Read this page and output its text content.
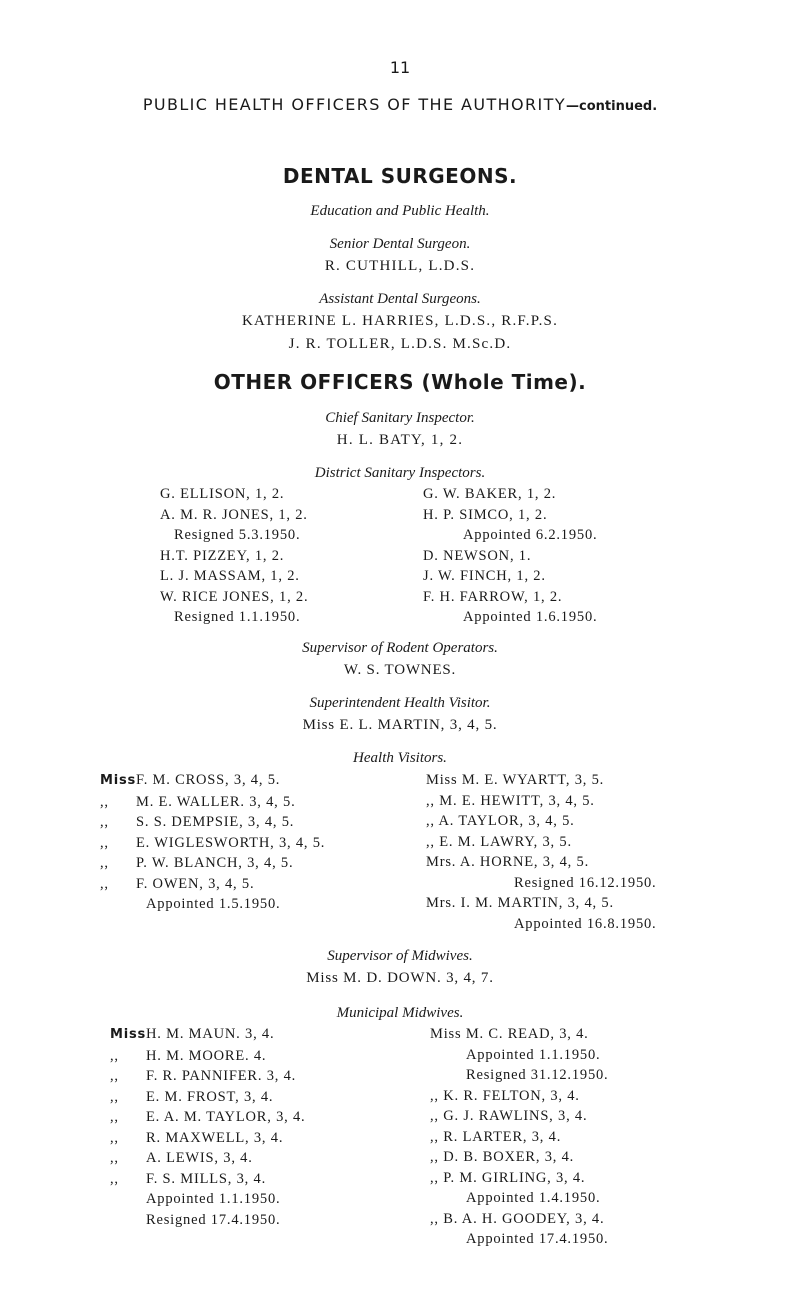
11
PUBLIC HEALTH OFFICERS OF THE AUTHORITY—continued.
DENTAL SURGEONS.
Education and Public Health.
Senior Dental Surgeon.
R. CUTHILL, L.D.S.
Assistant Dental Surgeons.
KATHERINE L. HARRIES, L.D.S., R.F.P.S.
J. R. TOLLER, L.D.S. M.Sc.D.
OTHER OFFICERS (Whole Time).
Chief Sanitary Inspector.
H. L. BATY, 1, 2.
District Sanitary Inspectors.
G. ELLISON, 1, 2.
A. M. R. JONES, 1, 2.
Resigned 5.3.1950.
H.T. PIZZEY, 1, 2.
L. J. MASSAM, 1, 2.
W. RICE JONES, 1, 2.
Resigned 1.1.1950.
G. W. BAKER, 1, 2.
H. P. SIMCO, 1, 2.
Appointed 6.2.1950.
D. NEWSON, 1.
J. W. FINCH, 1, 2.
F. H. FARROW, 1, 2.
Appointed 1.6.1950.
Supervisor of Rodent Operators.
W. S. TOWNES.
Superintendent Health Visitor.
Miss E. L. MARTIN, 3, 4, 5.
Health Visitors.
MissF. M. CROSS, 3, 4, 5.
,, M. E. WALLER. 3, 4, 5.
,, S. S. DEMPSIE, 3, 4, 5.
,, E. WIGLESWORTH, 3, 4, 5.
,, P. W. BLANCH, 3, 4, 5.
,, F. OWEN, 3, 4, 5.
Appointed 1.5.1950.
Miss M. E. WYARTT, 3, 5.
,, M. E. HEWITT, 3, 4, 5.
,, A. TAYLOR, 3, 4, 5.
,, E. M. LAWRY, 3, 5.
Mrs. A. HORNE, 3, 4, 5.
Resigned 16.12.1950.
Mrs. I. M. MARTIN, 3, 4, 5.
Appointed 16.8.1950.
Supervisor of Midwives.
Miss M. D. DOWN. 3, 4, 7.
Municipal Midwives.
MissH. M. MAUN. 3, 4.
,, H. M. MOORE. 4.
,, F. R. PANNIFER. 3, 4.
,, E. M. FROST, 3, 4.
,, E. A. M. TAYLOR, 3, 4.
,, R. MAXWELL, 3, 4.
,, A. LEWIS, 3, 4.
,, F. S. MILLS, 3, 4.
Appointed 1.1.1950.
Resigned 17.4.1950.
Miss M. C. READ, 3, 4.
Appointed 1.1.1950.
Resigned 31.12.1950.
,, K. R. FELTON, 3, 4.
,, G. J. RAWLINS, 3, 4.
,, R. LARTER, 3, 4.
,, D. B. BOXER, 3, 4.
,, P. M. GIRLING, 3, 4.
Appointed 1.4.1950.
,, B. A. H. GOODEY, 3, 4.
Appointed 17.4.1950.
